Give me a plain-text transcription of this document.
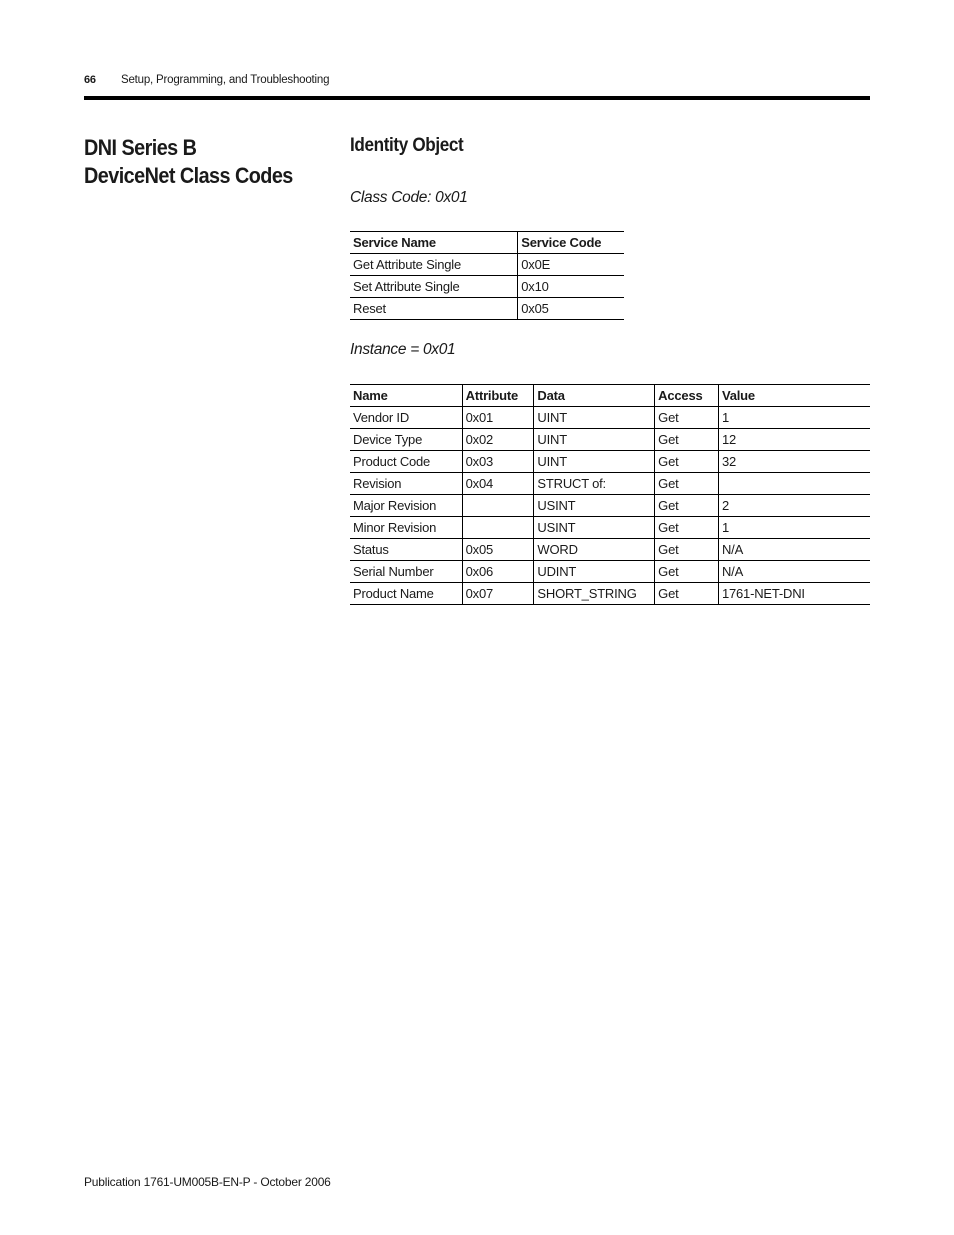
66 Setup, Programming, and Troubleshooting
DNI Series B
DeviceNet Class Codes
Identity Object
Class Code: 0x01
Service Name	Service Code
Get Attribute Single	0x0E
Set Attribute Single	0x10
Reset	0x05
Instance = 0x01
Name	Attribute	Data	Access	Value
Vendor ID	0x01	UINT	Get	1
Device Type	0x02	UINT	Get	12
Product Code	0x03	UINT	Get	32
Revision	0x04	STRUCT of:	Get	
Major Revision		USINT	Get	2
Minor Revision		USINT	Get	1
Status	0x05	WORD	Get	N/A
Serial Number	0x06	UDINT	Get	N/A
Product Name	0x07	SHORT_STRING	Get	1761-NET-DNI
Publication 1761-UM005B-EN-P - October 2006
